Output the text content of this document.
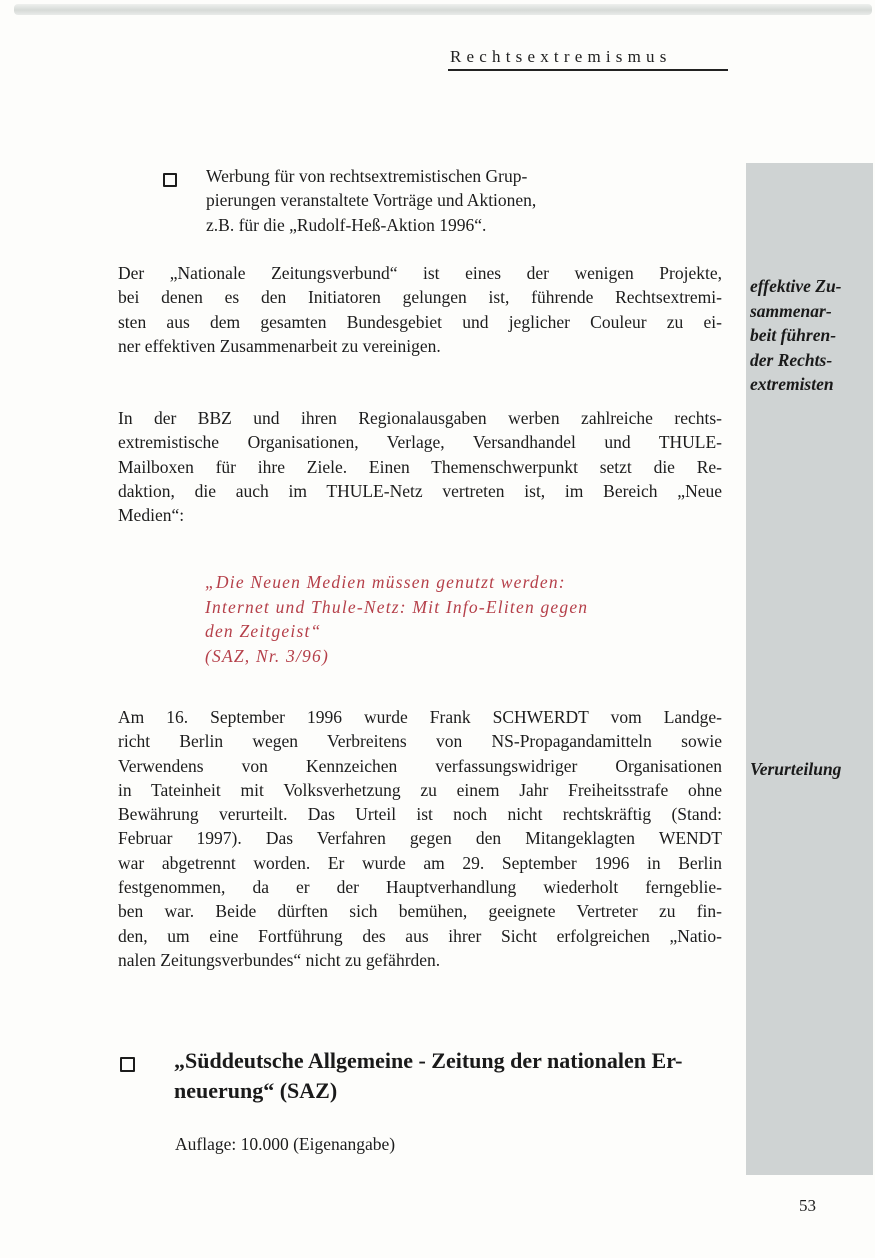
Rechtsextremismus
effektive Zu-
sammenar-
beit führen-
der Rechts-
extremisten
Verurteilung
Werbung für von rechtsextremistischen Grup-
pierungen veranstaltete Vorträge und Aktionen,
z.B. für die „Rudolf-Heß-Aktion 1996“.
Der „Nationale Zeitungsverbund“ ist eines der wenigen Projekte,
bei denen es den Initiatoren gelungen ist, führende Rechtsextremi-
sten aus dem gesamten Bundesgebiet und jeglicher Couleur zu ei-
ner effektiven Zusammenarbeit zu vereinigen.
In der BBZ und ihren Regionalausgaben werben zahlreiche rechts-
extremistische Organisationen, Verlage, Versandhandel und THULE-
Mailboxen für ihre Ziele. Einen Themenschwerpunkt setzt die Re-
daktion, die auch im THULE-Netz vertreten ist, im Bereich „Neue
Medien“:
„Die Neuen Medien müssen genutzt werden:
Internet und Thule-Netz: Mit Info-Eliten gegen
den Zeitgeist“
(SAZ, Nr. 3/96)
Am 16. September 1996 wurde Frank SCHWERDT vom Landge-
richt Berlin wegen Verbreitens von NS-Propagandamitteln sowie
Verwendens von Kennzeichen verfassungswidriger Organisationen
in Tateinheit mit Volksverhetzung zu einem Jahr Freiheitsstrafe ohne
Bewährung verurteilt. Das Urteil ist noch nicht rechtskräftig (Stand:
Februar 1997). Das Verfahren gegen den Mitangeklagten WENDT
war abgetrennt worden. Er wurde am 29. September 1996 in Berlin
festgenommen, da er der Hauptverhandlung wiederholt ferngeblie-
ben war. Beide dürften sich bemühen, geeignete Vertreter zu fin-
den, um eine Fortführung des aus ihrer Sicht erfolgreichen „Natio-
nalen Zeitungsverbundes“ nicht zu gefährden.
„Süddeutsche Allgemeine - Zeitung der nationalen Er-
neuerung“ (SAZ)
Auflage: 10.000 (Eigenangabe)
53
